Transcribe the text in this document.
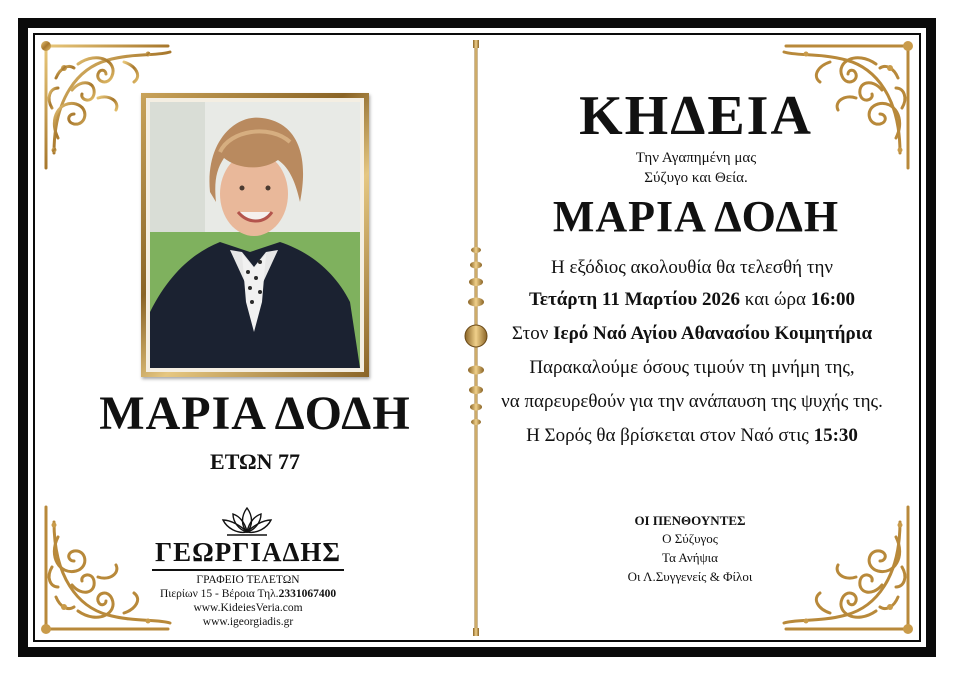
ΜΑΡΙΑ ΔΟΔΗ
ΕΤΩΝ 77
ΓΕΩΡΓΙΑΔΗΣ
ΓΡΑΦΕΙΟ ΤΕΛΕΤΩΝ
Πιερίων 15 - Βέροια Τηλ.2331067400
www.KideiesVeria.com
www.igeorgiadis.gr
ΚΗΔΕΙΑ
Την Αγαπημένη μας
Σύζυγο και Θεία.
ΜΑΡΙΑ ΔΟΔΗ
Η εξόδιος ακολουθία θα τελεσθή την
Τετάρτη 11 Μαρτίου 2026 και ώρα 16:00
Στον Ιερό Ναό Αγίου Αθανασίου Κοιμητήρια
Παρακαλούμε όσους τιμούν τη μνήμη της,
να παρευρεθούν για την ανάπαυση της ψυχής της.
Η Σορός θα βρίσκεται στον Ναό στις 15:30
ΟΙ ΠΕΝΘΟΥΝΤΕΣ
Ο Σύζυγος
Τα Ανήψια
Οι Λ.Συγγενείς & Φίλοι
